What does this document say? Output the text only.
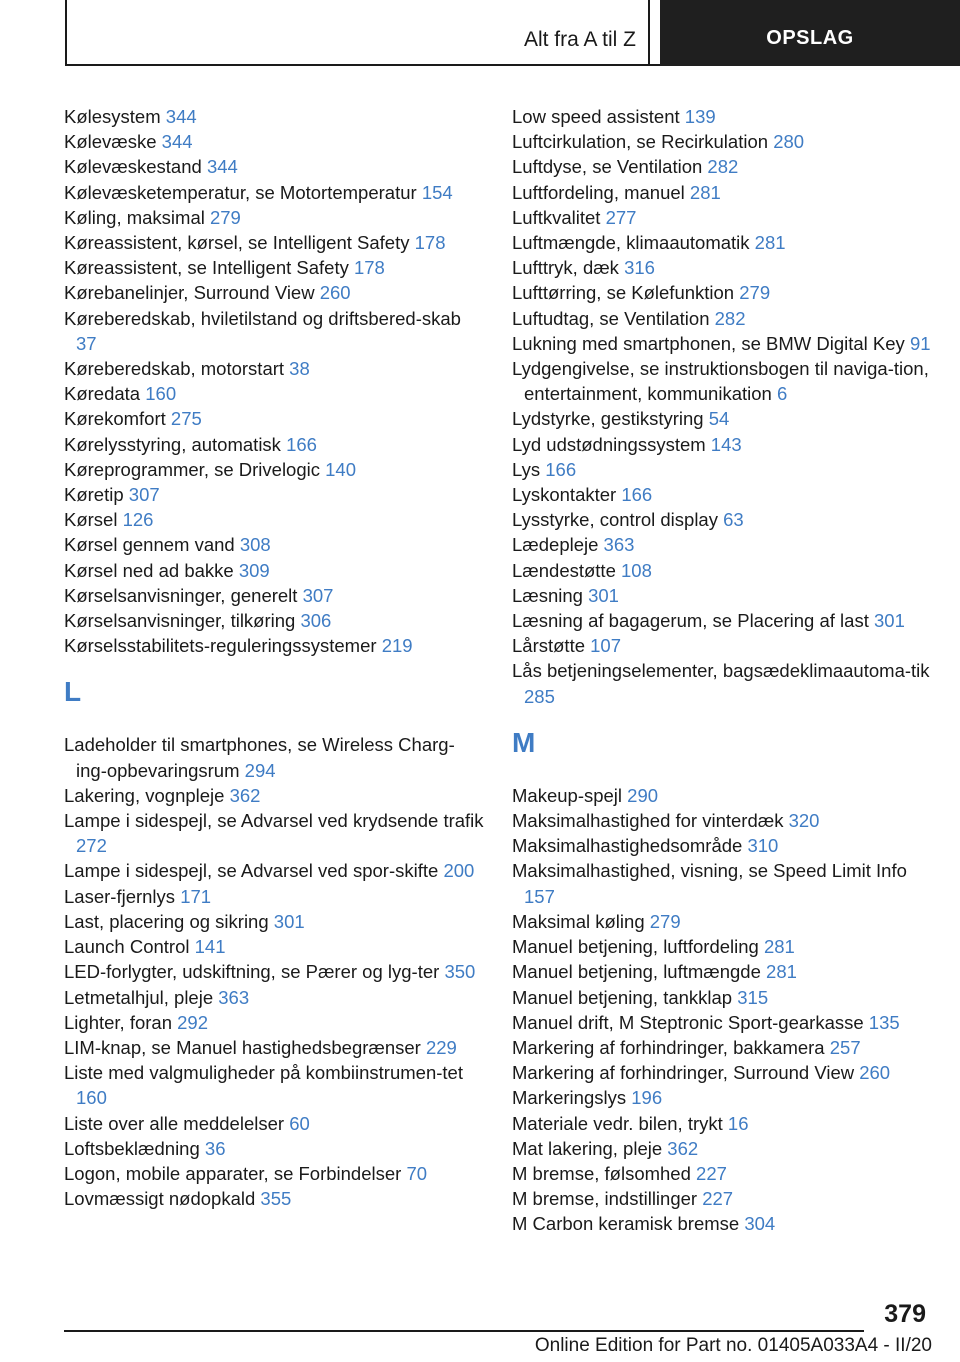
Alt fra A til Z	OPSLAG
Kølesystem 344
Kølevæske 344
Kølevæskestand 344
Kølevæsketemperatur, se Motortemperatur 154
Køling, maksimal 279
Køreassistent, kørsel, se Intelligent Safety 178
Køreassistent, se Intelligent Safety 178
Kørebanelinjer, Surround View 260
Køreberedskab, hviletilstand og driftsbered-skab 37
Køreberedskab, motorstart 38
Køredata 160
Kørekomfort 275
Kørelysstyring, automatisk 166
Køreprogrammer, se Drivelogic 140
Køretip 307
Kørsel 126
Kørsel gennem vand 308
Kørsel ned ad bakke 309
Kørselsanvisninger, generelt 307
Kørselsanvisninger, tilkøring 306
Kørselsstabilitets-reguleringssystemer 219
L
Ladeholder til smartphones, se Wireless Charg-ing-opbevaringsrum 294
Lakering, vognpleje 362
Lampe i sidespejl, se Advarsel ved krydsende trafik 272
Lampe i sidespejl, se Advarsel ved spor-skifte 200
Laser-fjernlys 171
Last, placering og sikring 301
Launch Control 141
LED-forlygter, udskiftning, se Pærer og lyg-ter 350
Letmetalhjul, pleje 363
Lighter, foran 292
LIM-knap, se Manuel hastighedsbegrænser 229
Liste med valgmuligheder på kombiinstrumen-tet 160
Liste over alle meddelelser 60
Loftsbeklædning 36
Logon, mobile apparater, se Forbindelser 70
Lovmæssigt nødopkald 355
Low speed assistent 139
Luftcirkulation, se Recirkulation 280
Luftdyse, se Ventilation 282
Luftfordeling, manuel 281
Luftkvalitet 277
Luftmængde, klimaautomatik 281
Lufttryk, dæk 316
Lufttørring, se Kølefunktion 279
Luftudtag, se Ventilation 282
Lukning med smartphonen, se BMW Digital Key 91
Lydgengivelse, se instruktionsbogen til naviga-tion, entertainment, kommunikation 6
Lydstyrke, gestikstyring 54
Lyd udstødningssystem 143
Lys 166
Lyskontakter 166
Lysstyrke, control display 63
Lædepleje 363
Lændestøtte 108
Læsning 301
Læsning af bagagerum, se Placering af last 301
Lårstøtte 107
Lås betjeningselementer, bagsædeklimaautoma-tik 285
M
Makeup-spejl 290
Maksimalhastighed for vinterdæk 320
Maksimalhastighedsområde 310
Maksimalhastighed, visning, se Speed Limit Info 157
Maksimal køling 279
Manuel betjening, luftfordeling 281
Manuel betjening, luftmængde 281
Manuel betjening, tankklap 315
Manuel drift, M Steptronic Sport-gearkasse 135
Markering af forhindringer, bakkamera 257
Markering af forhindringer, Surround View 260
Markeringslys 196
Materiale vedr. bilen, trykt 16
Mat lakering, pleje 362
M bremse, følsomhed 227
M bremse, indstillinger 227
M Carbon keramisk bremse 304
379
Online Edition for Part no. 01405A033A4 - II/20
